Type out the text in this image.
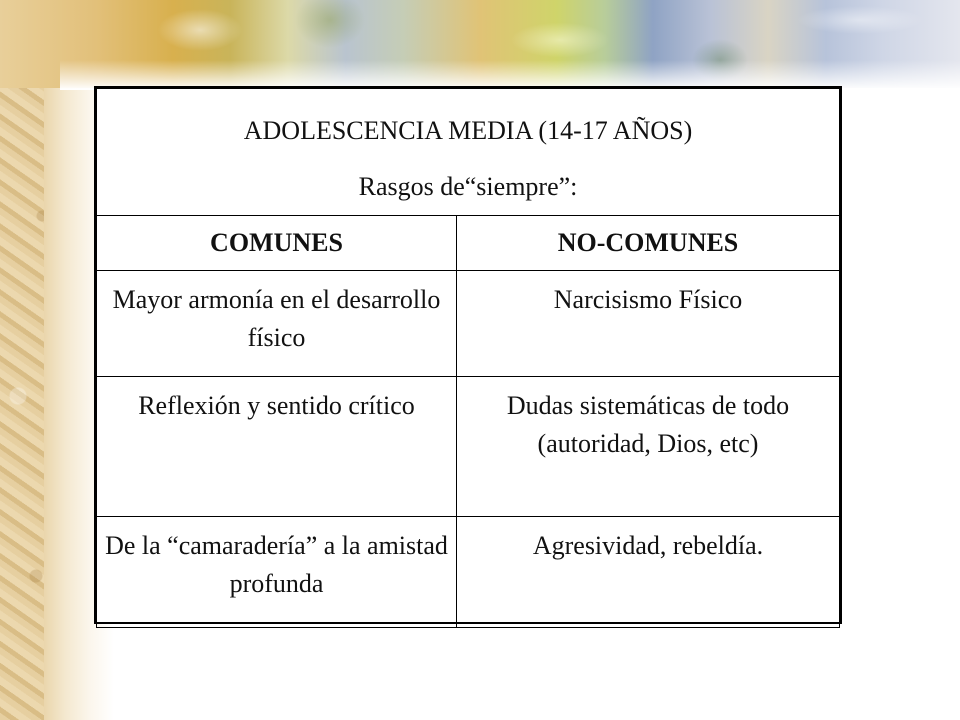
ADOLESCENCIA MEDIA (14-17 AÑOS)
Rasgos de“siempre”:	

COMUNES	NO-COMUNES
Mayor armonía en el desarrollo físico	Narcisismo Físico
Reflexión y sentido crítico	Dudas sistemáticas de todo (autoridad, Dios, etc)
De la “camaradería” a la amistad profunda	Agresividad, rebeldía.
